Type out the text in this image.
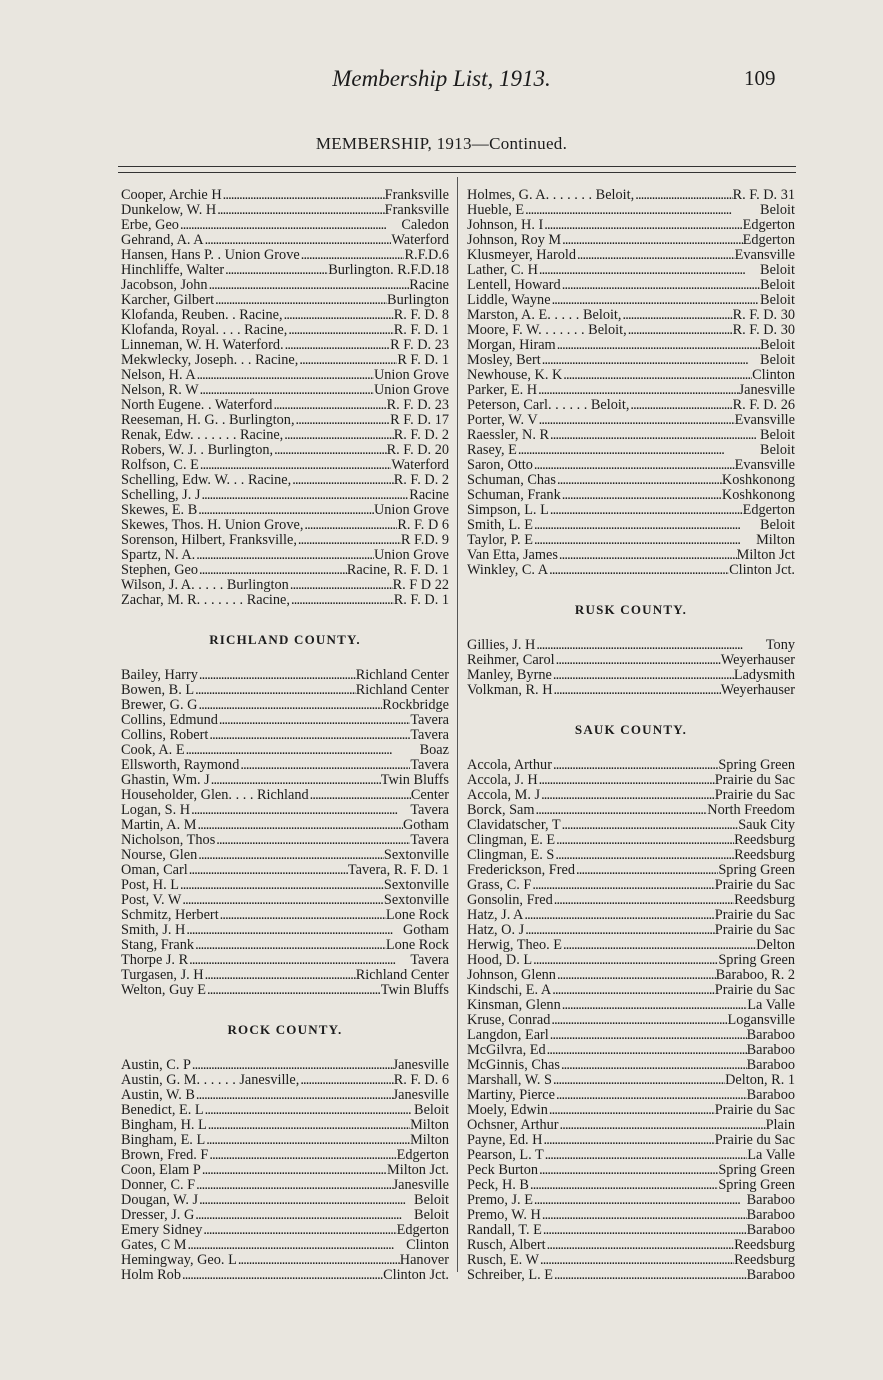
Membership List, 1913.	109
MEMBERSHIP, 1913—Continued.
Cooper, Archie H . . .	Franksville
Dunkelow, W. H . . .	Franksville
Erbe, Geo . . .	Caledon
Gehrand, A. A . . .	Waterford
Hansen, Hans P. . Union Grove . . .	R.F.D.6
Hinchliffe, Walter . . .	Burlington. R.F.D.18
Jacobson, John . . .	Racine
Karcher, Gilbert . . .	Burlington
Klofanda, Reuben. . Racine, . . .	R. F. D. 8
Klofanda, Royal. . . . Racine, . . .	R. F. D. 1
Linneman, W. H. Waterford. . . .	R F. D. 23
Mekwlecky, Joseph. . . Racine, . . .	R F. D. 1
Nelson, H. A . . .	Union Grove
Nelson, R. W . . .	Union Grove
North Eugene. . Waterford . . .	R. F. D. 23
Reeseman, H. G. . Burlington, . . .	R F. D. 17
Renak, Edw. . . . . . . Racine, . . .	R. F. D. 2
Robers, W. J. . Burlington, . . .	R. F. D. 20
Rolfson, C. E . . .	Waterford
Schelling, Edw. W. . . Racine, . . .	R. F. D. 2
Schelling, J. J . . .	Racine
Skewes, E. B . . .	Union Grove
Skewes, Thos. H. Union Grove, . . .	R. F. D 6
Sorenson, Hilbert, Franksville, . . .	R F.D. 9
Spartz, N. A. . . .	Union Grove
Stephen, Geo . . .	Racine, R. F. D. 1
Wilson, J. A. . . . . Burlington . . .	R. F D 22
Zachar, M. R. . . . . . . Racine, . . .	R. F. D. 1
RICHLAND COUNTY.
Bailey, Harry . . .	Richland Center
Bowen, B. L . . .	Richland Center
Brewer, G. G . . .	Rockbridge
Collins, Edmund . . .	Tavera
Collins, Robert . . .	Tavera
Cook, A. E . . .	Boaz
Ellsworth, Raymond . . .	Tavera
Ghastin, Wm. J . . .	Twin Bluffs
Householder, Glen. . . . Richland . . .	Center
Logan, S. H . . .	Tavera
Martin, A. M . . .	Gotham
Nicholson, Thos . . .	Tavera
Nourse, Glen . . .	Sextonville
Oman, Carl . . .	Tavera, R. F. D. 1
Post, H. L . . .	Sextonville
Post, V. W . . .	Sextonville
Schmitz, Herbert . . .	Lone Rock
Smith, J. H . . .	Gotham
Stang, Frank . . .	Lone Rock
Thorpe J. R . . .	Tavera
Turgasen, J. H . . .	Richland Center
Welton, Guy E . . .	Twin Bluffs
ROCK COUNTY.
Austin, C. P . . .	Janesville
Austin, G. M. . . . . . Janesville, . . .	R. F. D. 6
Austin, W. B . . .	Janesville
Benedict, E. L . . .	Beloit
Bingham, H. L . . .	Milton
Bingham, E. L . . .	Milton
Brown, Fred. F . . .	Edgerton
Coon, Elam P . . .	Milton Jct.
Donner, C. F . . .	Janesville
Dougan, W. J . . .	Beloit
Dresser, J. G . . .	Beloit
Emery Sidney . . .	Edgerton
Gates, C M . . .	Clinton
Hemingway, Geo. L . . .	Hanover
Holm Rob . . .	Clinton Jct.
Holmes, G. A. . . . . . . Beloit, . . .	R. F. D. 31
Hueble, E . . .	Beloit
Johnson, H. I . . .	Edgerton
Johnson, Roy M . . .	Edgerton
Klusmeyer, Harold . . .	Evansville
Lather, C. H . . .	Beloit
Lentell, Howard . . .	Beloit
Liddle, Wayne . . .	Beloit
Marston, A. E. . . . . Beloit, . . .	R. F. D. 30
Moore, F. W. . . . . . . Beloit, . . .	R. F. D. 30
Morgan, Hiram . . .	Beloit
Mosley, Bert . . .	Beloit
Newhouse, K. K . . .	Clinton
Parker, E. H . . .	Janesville
Peterson, Carl. . . . . . Beloit, . . .	R. F. D. 26
Porter, W. V . . .	Evansville
Raessler, N. R . . .	Beloit
Rasey, E . . .	Beloit
Saron, Otto . . .	Evansville
Schuman, Chas . . .	Koshkonong
Schuman, Frank . . .	Koshkonong
Simpson, L. L . . .	Edgerton
Smith, L. E . . .	Beloit
Taylor, P. E . . .	Milton
Van Etta, James . . .	Milton Jct
Winkley, C. A . . .	Clinton Jct.
RUSK COUNTY.
Gillies, J. H . . .	Tony
Reihmer, Carol . . .	Weyerhauser
Manley, Byrne . . .	Ladysmith
Volkman, R. H . . .	Weyerhauser
SAUK COUNTY.
Accola, Arthur . . .	Spring Green
Accola, J. H . . .	Prairie du Sac
Accola, M. J . . .	Prairie du Sac
Borck, Sam . . .	North Freedom
Clavidatscher, T . . .	Sauk City
Clingman, E. E . . .	Reedsburg
Clingman, E. S . . .	Reedsburg
Frederickson, Fred . . .	Spring Green
Grass, C. F . . .	Prairie du Sac
Gonsolin, Fred . . .	Reedsburg
Hatz, J. A . . .	Prairie du Sac
Hatz, O. J . . .	Prairie du Sac
Herwig, Theo. E . . .	Delton
Hood, D. L . . .	Spring Green
Johnson, Glenn . . .	Baraboo, R. 2
Kindschi, E. A . . .	Prairie du Sac
Kinsman, Glenn . . .	La Valle
Kruse, Conrad . . .	Logansville
Langdon, Earl . . .	Baraboo
McGilvra, Ed . . .	Baraboo
McGinnis, Chas . . .	Baraboo
Marshall, W. S . . .	Delton, R. 1
Martiny, Pierce . . .	Baraboo
Moely, Edwin . . .	Prairie du Sac
Ochsner, Arthur . . .	Plain
Payne, Ed. H . . .	Prairie du Sac
Pearson, L. T . . .	La Valle
Peck Burton . . .	Spring Green
Peck, H. B . . .	Spring Green
Premo, J. E . . .	Baraboo
Premo, W. H . . .	Baraboo
Randall, T. E . . .	Baraboo
Rusch, Albert . . .	Reedsburg
Rusch, E. W . . .	Reedsburg
Schreiber, L. E . . .	Baraboo
